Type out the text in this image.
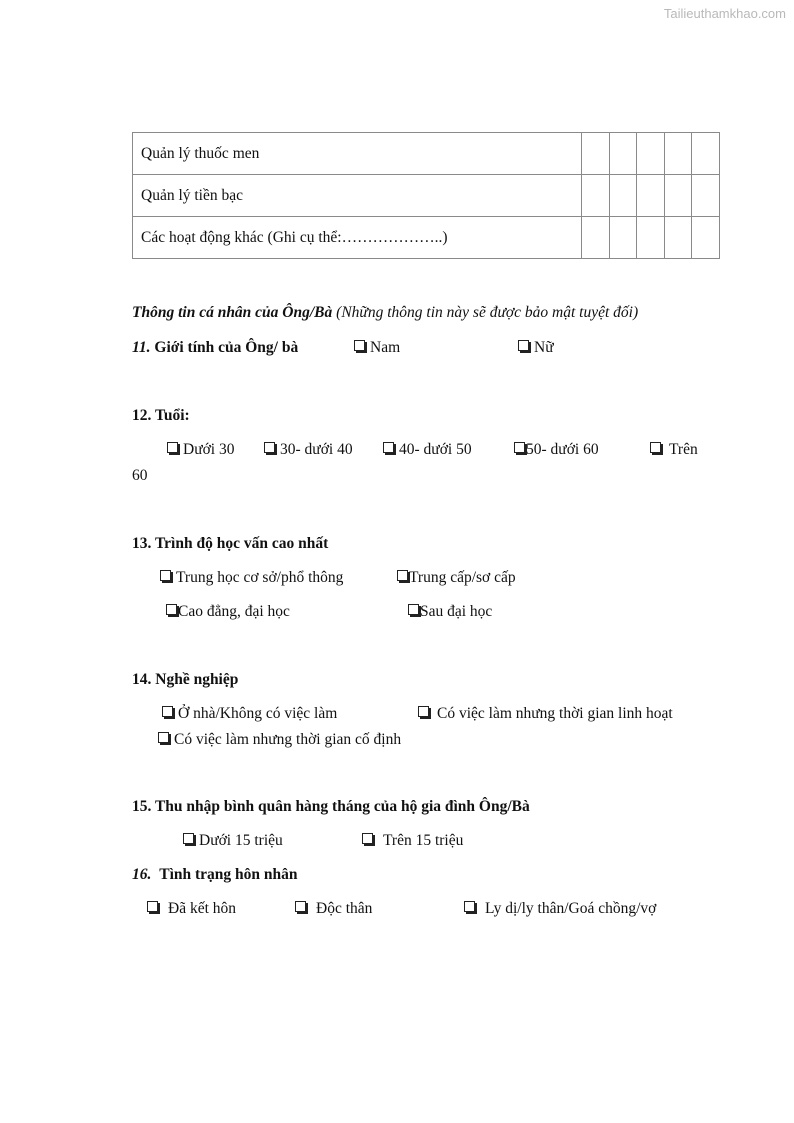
Tailieuthamkhao.com
Quản lý thuốc men					
Quản lý tiền bạc					
Các hoạt động khác (Ghi cụ thể:………………..)					
Thông tin cá nhân của Ông/Bà (Những thông tin này sẽ được bảo mật tuyệt đối)
11. Giới tính của Ông/ bà	Nam	Nữ
12. Tuổi:
Dưới 30	30- dưới 40	40- dưới 50	50- dưới 60	Trên
60
13. Trình độ học vấn cao nhất
Trung học cơ sở/phổ thông	Trung cấp/sơ cấp
Cao đẳng, đại học	Sau đại học
14. Nghề nghiệp
Ở nhà/Không có việc làm	Có việc làm nhưng thời gian linh hoạt
Có việc làm nhưng thời gian cố định
15. Thu nhập bình quân hàng tháng của hộ gia đình Ông/Bà
Dưới 15 triệu	Trên 15 triệu
16. Tình trạng hôn nhân
Đã kết hôn	Độc thân	Ly dị/ly thân/Goá chồng/vợ
